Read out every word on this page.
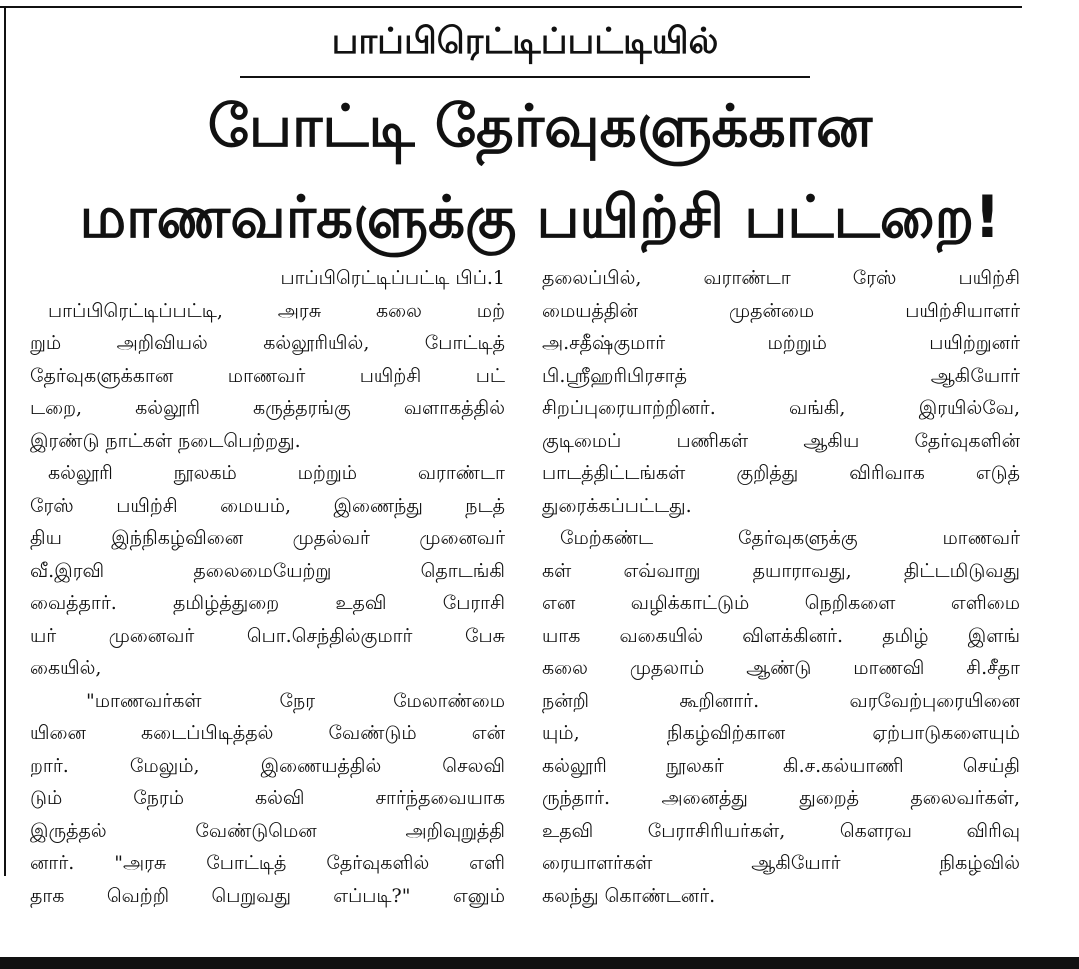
பாப்பிரெட்டிப்பட்டியில்
போட்டி தேர்வுகளுக்கான
மாணவர்களுக்கு பயிற்சி பட்டறை!
பாப்பிரெட்டிப்பட்டி பிப்.1
பாப்பிரெட்டிப்பட்டி, அரசு கலை மற்
றும் அறிவியல் கல்லூரியில், போட்டித்
தேர்வுகளுக்கான மாணவர் பயிற்சி பட்
டறை, கல்லூரி கருத்தரங்கு வளாகத்தில்
இரண்டு நாட்கள் நடைபெற்றது.
கல்லூரி நூலகம் மற்றும் வராண்டா
ரேஸ் பயிற்சி மையம், இணைந்து நடத்
திய இந்நிகழ்வினை முதல்வர் முனைவர்
வீ.இரவி தலைமையேற்று தொடங்கி
வைத்தார். தமிழ்த்துறை உதவி பேராசி
யர் முனைவர் பொ.செந்தில்குமார் பேசு
கையில்,
"மாணவர்கள் நேர மேலாண்மை
யினை கடைப்பிடித்தல் வேண்டும் என்
றார். மேலும், இணையத்தில் செலவி
டும் நேரம் கல்வி சார்ந்தவையாக
இருத்தல் வேண்டுமென அறிவுறுத்தி
னார். "அரசு போட்டித் தேர்வுகளில் எளி
தாக வெற்றி பெறுவது எப்படி?" எனும்
தலைப்பில், வராண்டா ரேஸ் பயிற்சி
மையத்தின் முதன்மை பயிற்சியாளர்
அ.சதீஷ்குமார் மற்றும் பயிற்றுனர்
பி.ஸ்ரீஹரிபிரசாத் ஆகியோர்
சிறப்புரையாற்றினர். வங்கி, இரயில்வே,
குடிமைப் பணிகள் ஆகிய தேர்வுகளின்
பாடத்திட்டங்கள் குறித்து விரிவாக எடுத்
துரைக்கப்பட்டது.
மேற்கண்ட தேர்வுகளுக்கு மாணவர்
கள் எவ்வாறு தயாராவது, திட்டமிடுவது
என வழிக்காட்டும் நெறிகளை எளிமை
யாக வகையில் விளக்கினர். தமிழ் இளங்
கலை முதலாம் ஆண்டு மாணவி சி.சீதா
நன்றி கூறினார். வரவேற்புரையினை
யும், நிகழ்விற்கான ஏற்பாடுகளையும்
கல்லூரி நூலகர் கி.ச.கல்யாணி செய்தி
ருந்தார். அனைத்து துறைத் தலைவர்கள்,
உதவி பேராசிரியர்கள், கௌரவ விரிவு
ரையாளர்கள் ஆகியோர் நிகழ்வில்
கலந்து கொண்டனர்.
